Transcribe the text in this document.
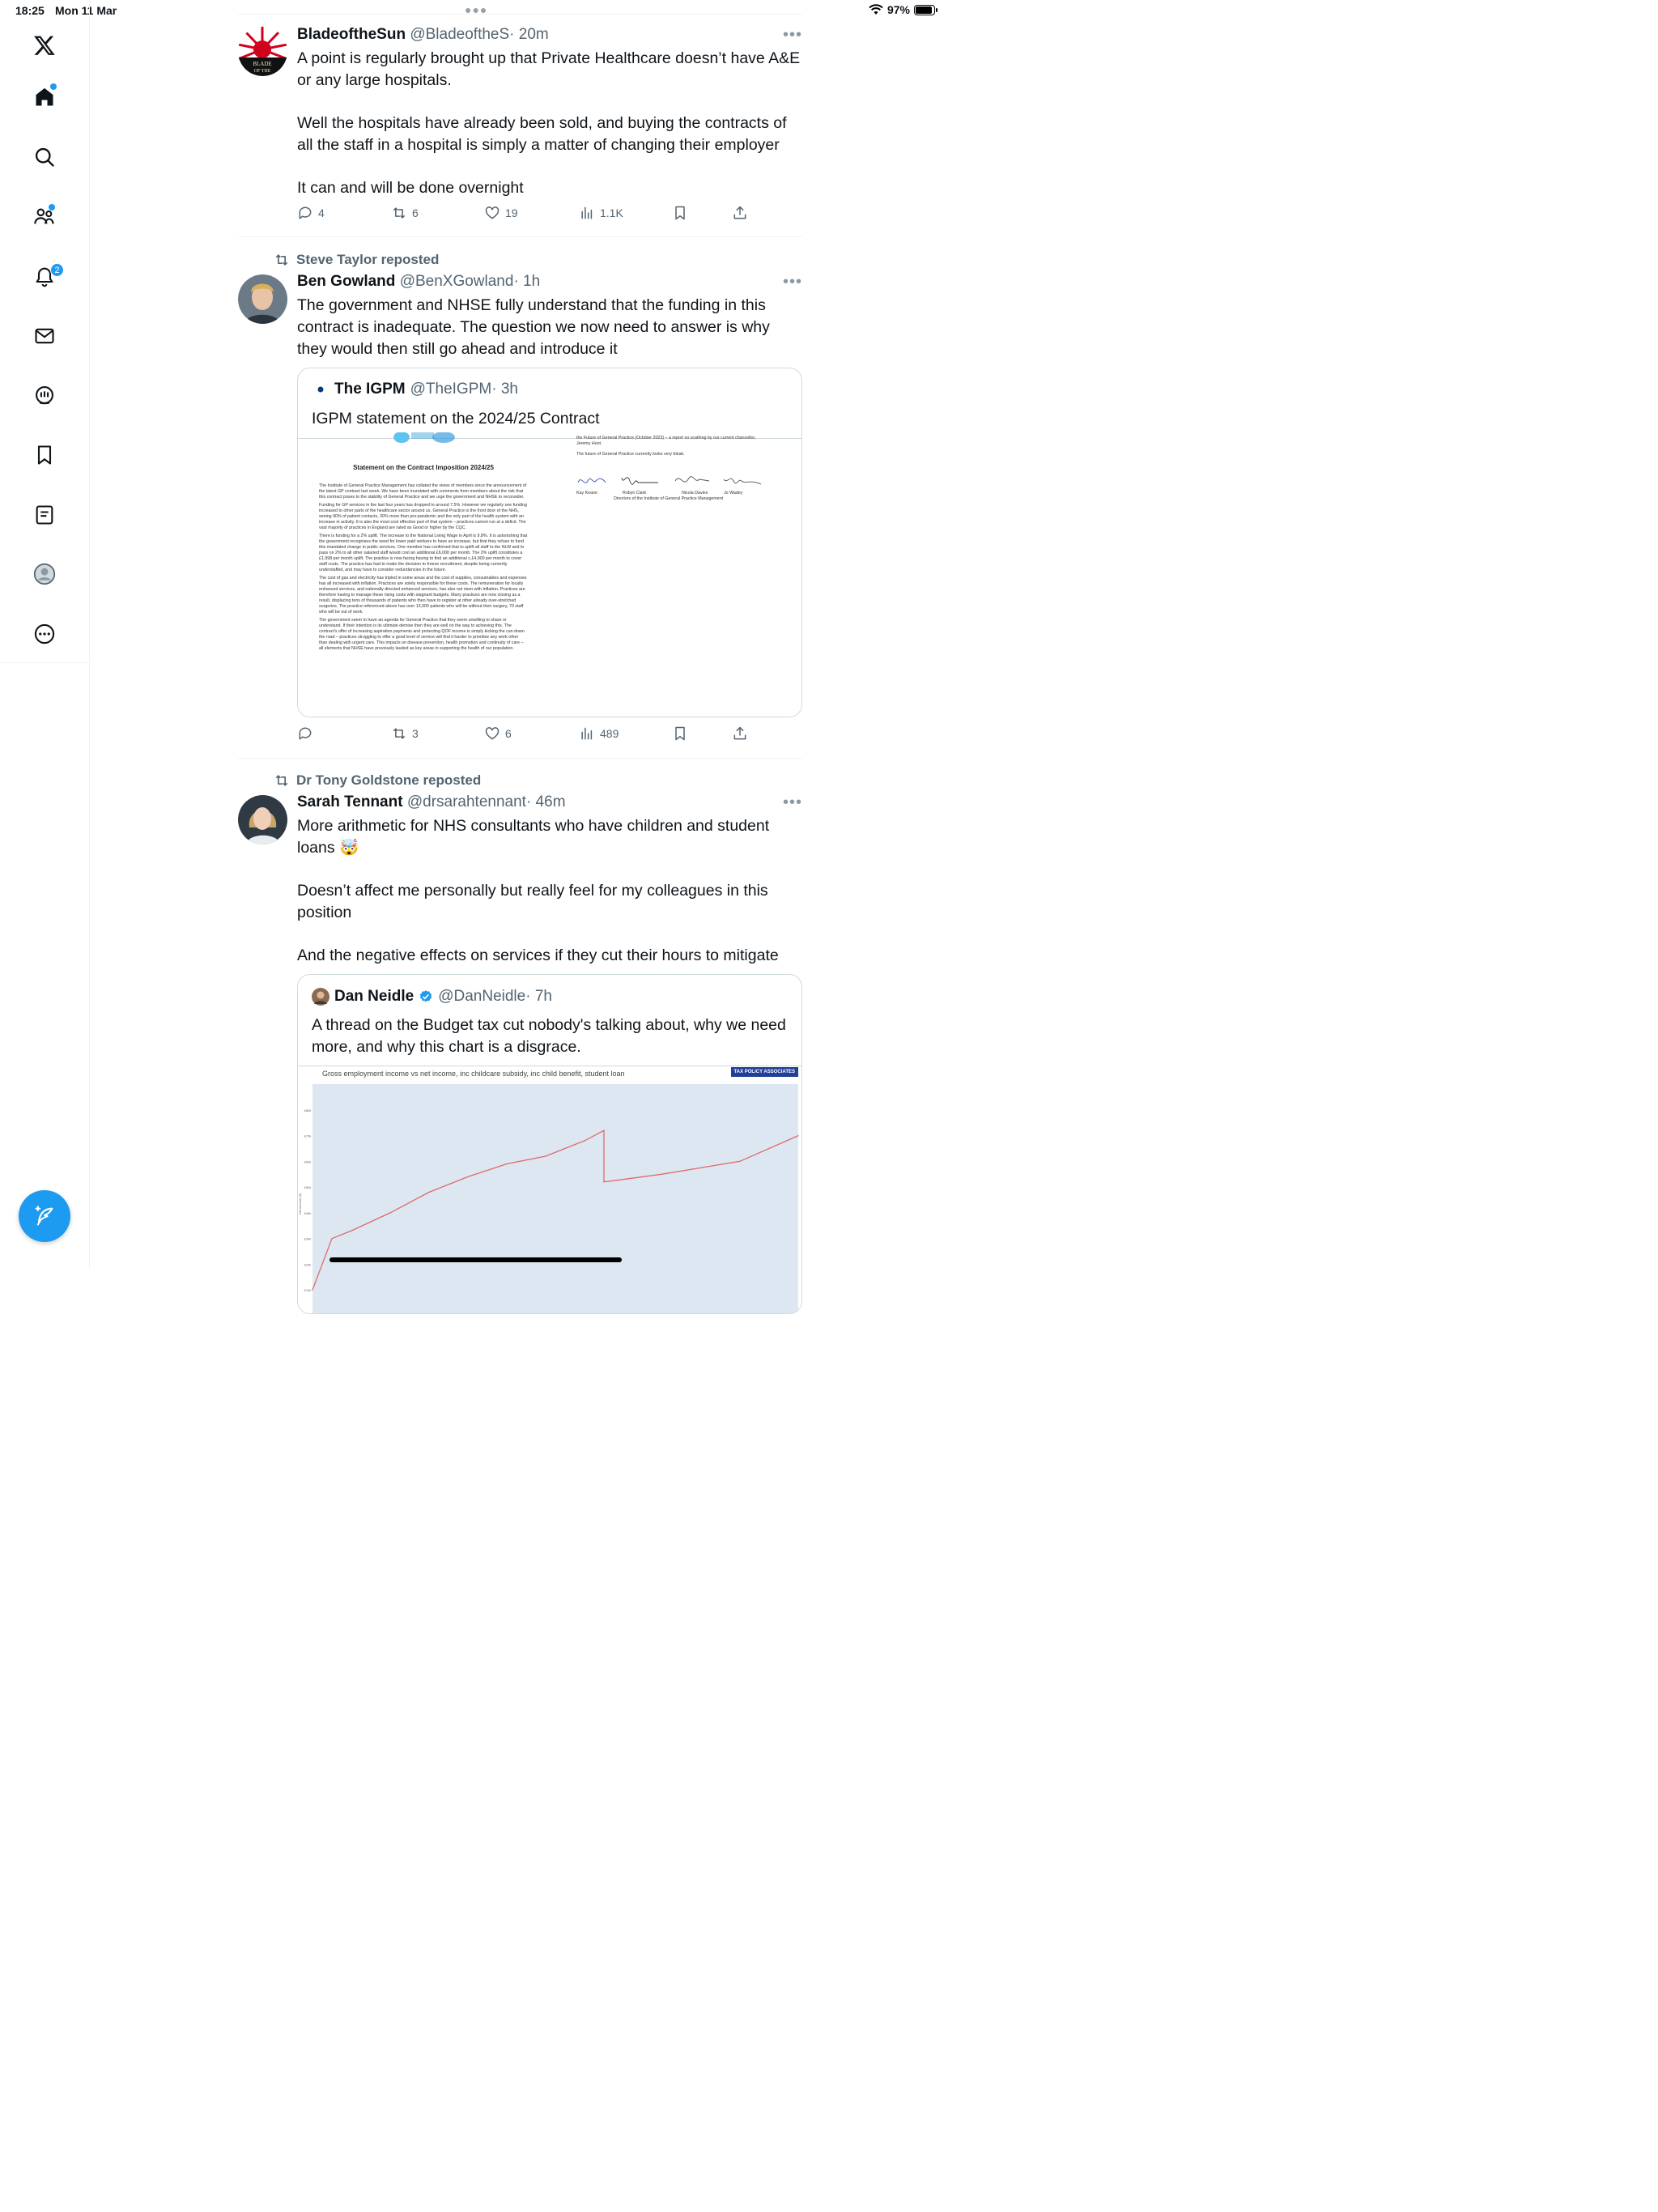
18:25 Mon 11 Mar	●●●	97%
2
BLADE
OF THE
BladeoftheSun @BladeoftheS· 20m	•••

A point is regularly brought up that Private Healthcare doesn’t have A&E or any large hospitals.

Well the hospitals have already been sold, and buying the contracts of all the staff in a hospital is simply a matter of changing their employer

It can and will be done overnight

4	6	19	1.1K
Steve Taylor reposted
Ben Gowland @BenXGowland· 1h	•••

The government and NHSE fully understand that the funding in this contract is inadequate. The question we now need to answer is why they would then still go ahead and introduce it

The IGPM @TheIGPM · 3h
IGPM statement on the 2024/25 Contract
Statement on the Contract Imposition 2024/25

The Institute of General Practice Management has collated the views of members since the announcement of the latest GP contract last week. We have been inundated with comments from members about the risk that this contract poses to the stability of General Practice and we urge the government and NHSE to reconsider.

Funding for GP services in the last four years has dropped to around 7.5%. However we regularly see funding increased to other parts of the healthcare sector around us. General Practice is the front door of the NHS, seeing 90% of patient contacts, 20% more than pre-pandemic and the only part of the health system with an increase in activity. It is also the most cost effective part of that system – practices cannot run at a deficit. The vast majority of practices in England are rated as Good or higher by the CQC.

There is funding for a 2% uplift. The increase to the National Living Wage in April is 9.8%. It is astonishing that the government recognises the need for lower paid workers to have an increase, but that they refuse to fund this mandated change in public services. One member has confirmed that to uplift all staff to the NLW and to pass on 2% to all other salaried staff would cost an additional £6,000 per month. The 2% uplift constitutes a £1,998 per month uplift. The practice is now facing having to find an additional c.£4,000 per month to cover staff costs. The practice has had to make the decision to freeze recruitment, despite being currently understaffed, and may have to consider redundancies in the future.

The cost of gas and electricity has tripled in some areas and the cost of supplies, consumables and expenses has all increased with inflation. Practices are solely responsible for these costs. The remuneration for locally enhanced services, and nationally directed enhanced services, has also not risen with inflation. Practices are therefore having to manage these rising costs with stagnant budgets. Many practices are now closing as a result, displacing tens of thousands of patients who then have to register at other already over-stretched surgeries. The practice referenced above has over 13,000 patients who will be without their surgery, 70 staff who will be out of work.

The government seem to have an agenda for General Practice that they seem unwilling to share or understand. If their intention is its ultimate demise then they are well on the way to achieving this. The contract's offer of increasing aspiration payments and protecting QOF income is simply kicking the can down the road – practices struggling to offer a good level of service will find it harder to prioritise any work other than dealing with urgent care. This impacts on disease prevention, health promotion and continuity of care – all elements that NHSE have previously lauded as key areas in supporting the health of our population.

the Future of General Practice (October 2023) – a report so scathing by our current chancellor,

Jeremy Hunt.

The future of General Practice currently looks very bleak.

Kay Keane	Robyn Clark	Nicola Davies	Jo Wadey

Directors of the Institute of General Practice Management

3	6	489
Dr Tony Goldstone reposted
Sarah Tennant @drsarahtennant· 46m	•••

More arithmetic for NHS consultants who have children and student loans 🤯

Doesn’t affect me personally but really feel for my colleagues in this position

And the negative effects on services if they cut their hours to mitigate

Dan Neidle @DanNeidle · 7h
A thread on the Budget tax cut nobody's talking about, why we need more, and why this chart is a disgrace.
Gross employment income vs net income, inc childcare subsidy, inc child benefit, student loan	TAX POLICY ASSOCIATES
£10k
£20k
£30k
£40k
£50k
£60k
£70k
£80k
Net income (£)
